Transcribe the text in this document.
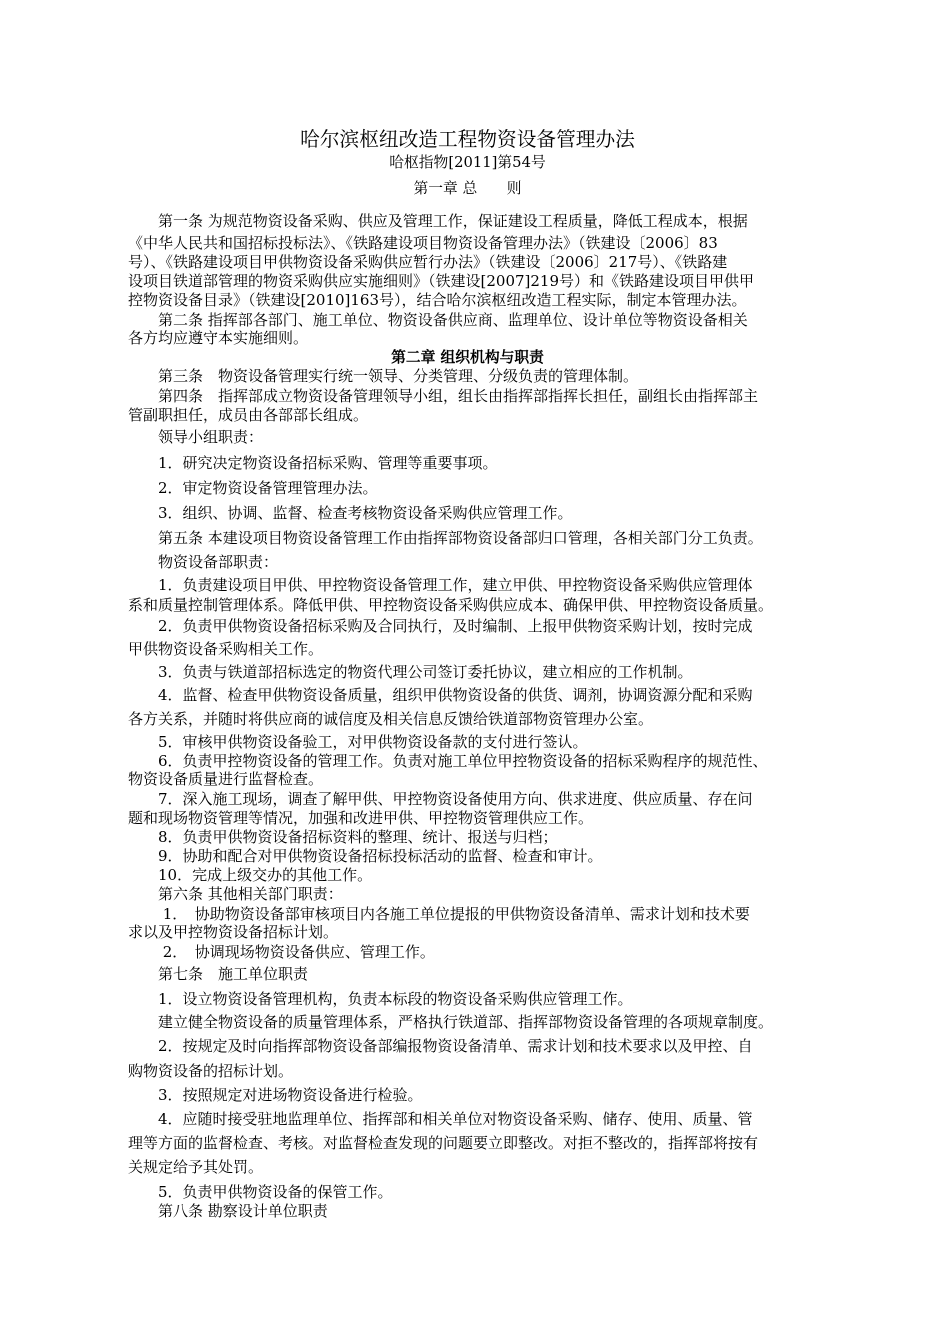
哈尔滨枢纽改造工程物资设备管理办法
哈枢指物[2011]第54号
第一章 总　　则
　　第一条 为规范物资设备采购、供应及管理工作，保证建设工程质量，降低工程成本，根据
《中华人民共和国招标投标法》、《铁路建设项目物资设备管理办法》（铁建设〔2006〕83
号）、《铁路建设项目甲供物资设备采购供应暂行办法》（铁建设〔2006〕217号）、《铁路建
设项目铁道部管理的物资采购供应实施细则》（铁建设[2007]219号）和《铁路建设项目甲供甲
控物资设备目录》（铁建设[2010]163号），结合哈尔滨枢纽改造工程实际，制定本管理办法。
　　第二条 指挥部各部门、施工单位、物资设备供应商、监理单位、设计单位等物资设备相关
各方均应遵守本实施细则。
第二章 组织机构与职责
　　第三条　物资设备管理实行统一领导、分类管理、分级负责的管理体制。
　　第四条　指挥部成立物资设备管理领导小组，组长由指挥部指挥长担任，副组长由指挥部主
管副职担任，成员由各部部长组成。
　　领导小组职责：
　　1．研究决定物资设备招标采购、管理等重要事项。
　　2．审定物资设备管理管理办法。
　　3．组织、协调、监督、检查考核物资设备采购供应管理工作。
　　第五条 本建设项目物资设备管理工作由指挥部物资设备部归口管理，各相关部门分工负责。
　　物资设备部职责：
　　1．负责建设项目甲供、甲控物资设备管理工作，建立甲供、甲控物资设备采购供应管理体
系和质量控制管理体系。降低甲供、甲控物资设备采购供应成本、确保甲供、甲控物资设备质量。
　　2．负责甲供物资设备招标采购及合同执行，及时编制、上报甲供物资采购计划，按时完成
甲供物资设备采购相关工作。
　　3．负责与铁道部招标选定的物资代理公司签订委托协议，建立相应的工作机制。
　　4．监督、检查甲供物资设备质量，组织甲供物资设备的供货、调剂，协调资源分配和采购
各方关系，并随时将供应商的诚信度及相关信息反馈给铁道部物资管理办公室。
　　5．审核甲供物资设备验工，对甲供物资设备款的支付进行签认。
　　6．负责甲控物资设备的管理工作。负责对施工单位甲控物资设备的招标采购程序的规范性、
物资设备质量进行监督检查。
　　7．深入施工现场，调查了解甲供、甲控物资设备使用方向、供求进度、供应质量、存在问
题和现场物资管理等情况，加强和改进甲供、甲控物资管理供应工作。
　　8．负责甲供物资设备招标资料的整理、统计、报送与归档；
　　9．协助和配合对甲供物资设备招标投标活动的监督、检查和审计。
　　10．完成上级交办的其他工作。
　　第六条 其他相关部门职责：
　　 1．　协助物资设备部审核项目内各施工单位提报的甲供物资设备清单、需求计划和技术要
求以及甲控物资设备招标计划。
　　 2．　协调现场物资设备供应、管理工作。
　　第七条　施工单位职责
　　1．设立物资设备管理机构，负责本标段的物资设备采购供应管理工作。
　　建立健全物资设备的质量管理体系，严格执行铁道部、指挥部物资设备管理的各项规章制度。
　　2．按规定及时向指挥部物资设备部编报物资设备清单、需求计划和技术要求以及甲控、自
购物资设备的招标计划。
　　3．按照规定对进场物资设备进行检验。
　　4．应随时接受驻地监理单位、指挥部和相关单位对物资设备采购、储存、使用、质量、管
理等方面的监督检查、考核。对监督检查发现的问题要立即整改。对拒不整改的，指挥部将按有
关规定给予其处罚。
　　5．负责甲供物资设备的保管工作。
　　第八条 勘察设计单位职责
